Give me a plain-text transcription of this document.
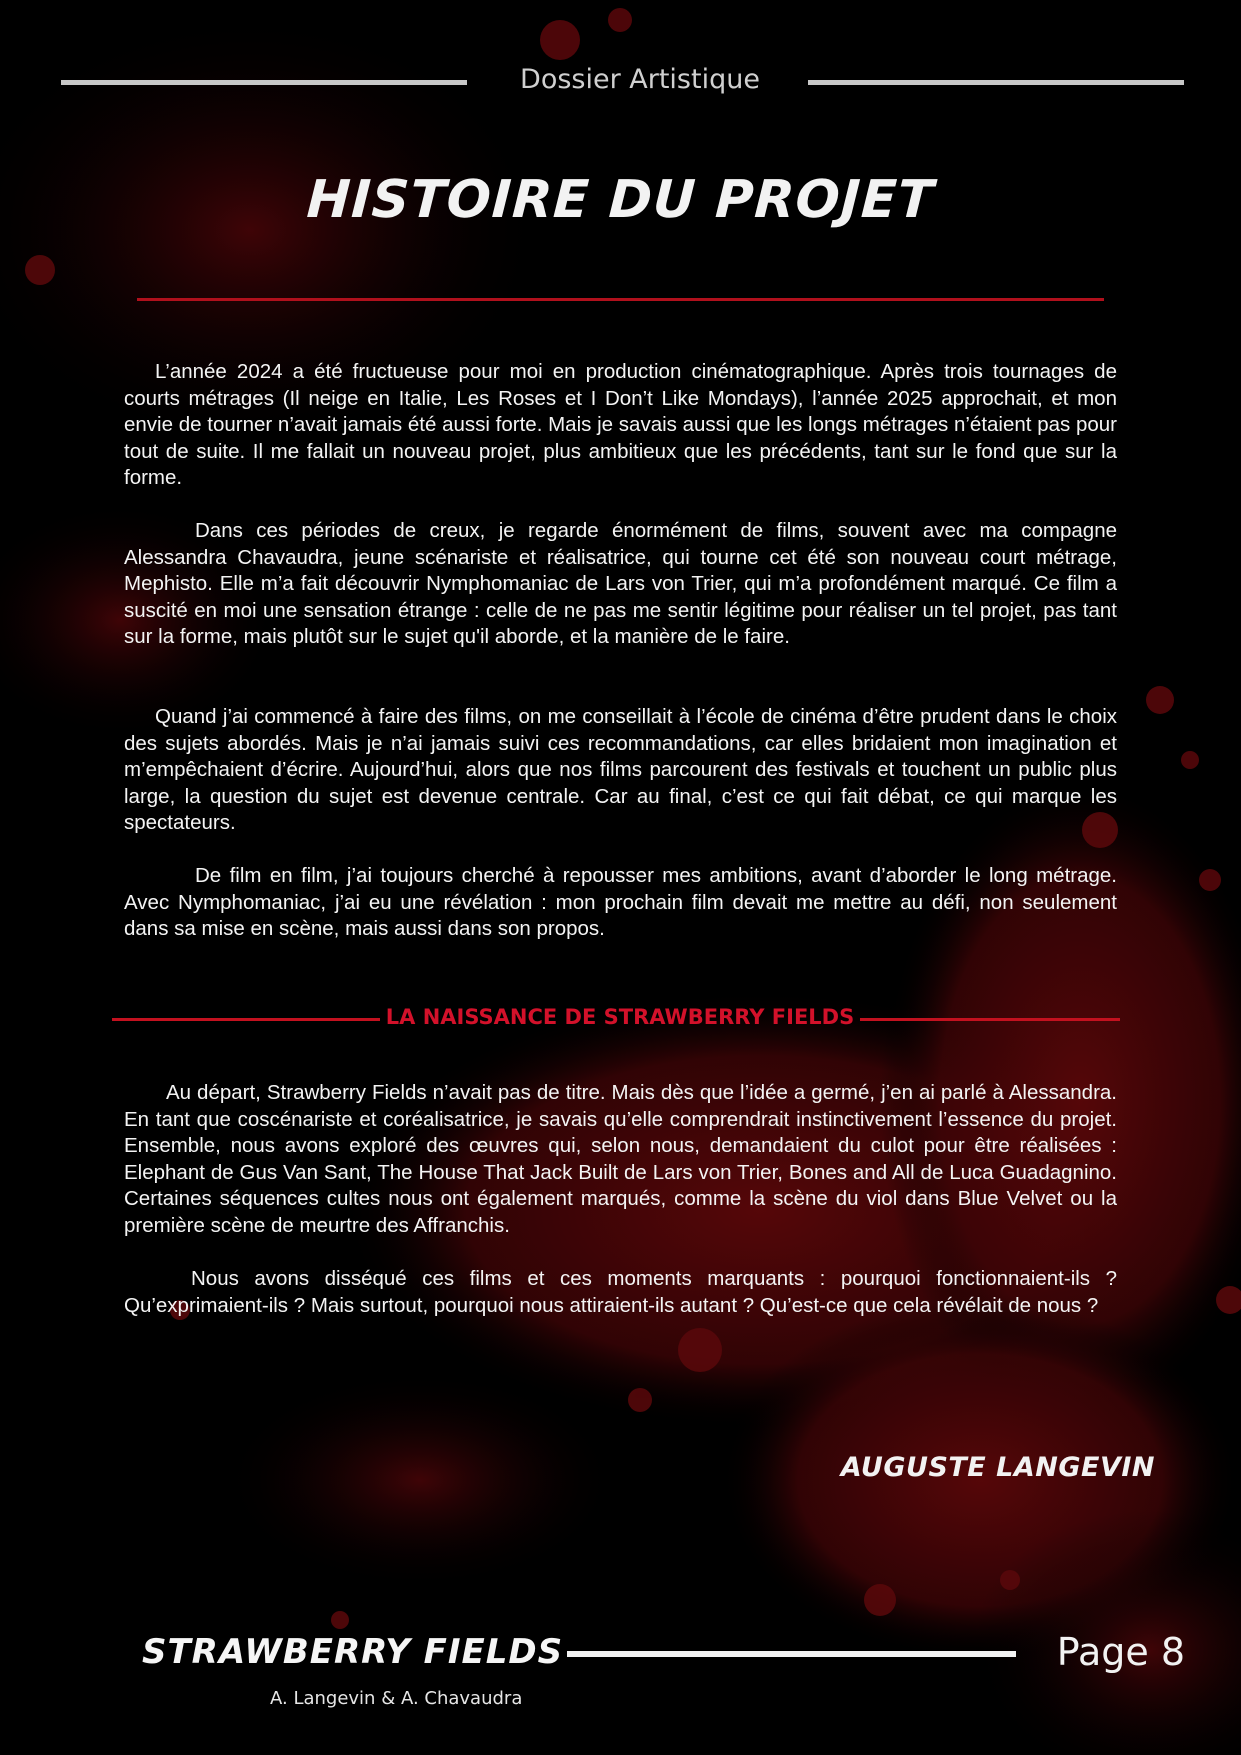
Dossier Artistique
HISTOIRE DU PROJET

L’année 2024 a été fructueuse pour moi en production cinématographique. Après trois tournages de courts métrages (Il neige en Italie, Les Roses et I Don’t Like Mondays), l’année 2025 approchait, et mon envie de tourner n’avait jamais été aussi forte. Mais je savais aussi que les longs métrages n’étaient pas pour tout de suite. Il me fallait un nouveau projet, plus ambitieux que les précédents, tant sur le fond que sur la forme.

Dans ces périodes de creux, je regarde énormément de films, souvent avec ma compagne Alessandra Chavaudra, jeune scénariste et réalisatrice, qui tourne cet été son nouveau court métrage, Mephisto. Elle m’a fait découvrir Nymphomaniac de Lars von Trier, qui m’a profondément marqué. Ce film a suscité en moi une sensation étrange : celle de ne pas me sentir légitime pour réaliser un tel projet, pas tant sur la forme, mais plutôt sur le sujet qu'il aborde, et la manière de le faire.

Quand j’ai commencé à faire des films, on me conseillait à l’école de cinéma d’être prudent dans le choix des sujets abordés. Mais je n’ai jamais suivi ces recommandations, car elles bridaient mon imagination et m’empêchaient d’écrire. Aujourd’hui, alors que nos films parcourent des festivals et touchent un public plus large, la question du sujet est devenue centrale. Car au final, c’est ce qui fait débat, ce qui marque les spectateurs.

De film en film, j’ai toujours cherché à repousser mes ambitions, avant d’aborder le long métrage. Avec Nymphomaniac, j’ai eu une révélation : mon prochain film devait me mettre au défi, non seulement dans sa mise en scène, mais aussi dans son propos.

LA NAISSANCE DE STRAWBERRY FIELDS

Au départ, Strawberry Fields n’avait pas de titre. Mais dès que l’idée a germé, j’en ai parlé à Alessandra. En tant que coscénariste et coréalisatrice, je savais qu’elle comprendrait instinctivement l’essence du projet. Ensemble, nous avons exploré des œuvres qui, selon nous, demandaient du culot pour être réalisées : Elephant de Gus Van Sant, The House That Jack Built de Lars von Trier, Bones and All de Luca Guadagnino. Certaines séquences cultes nous ont également marqués, comme la scène du viol dans Blue Velvet ou la première scène de meurtre des Affranchis.

Nous avons disséqué ces films et ces moments marquants : pourquoi fonctionnaient-ils ? Qu’exprimaient-ils ? Mais surtout, pourquoi nous attiraient-ils autant ? Qu’est-ce que cela révélait de nous ?

AUGUSTE LANGEVIN
STRAWBERRY FIELDS
A. Langevin & A. Chavaudra
Page 8
